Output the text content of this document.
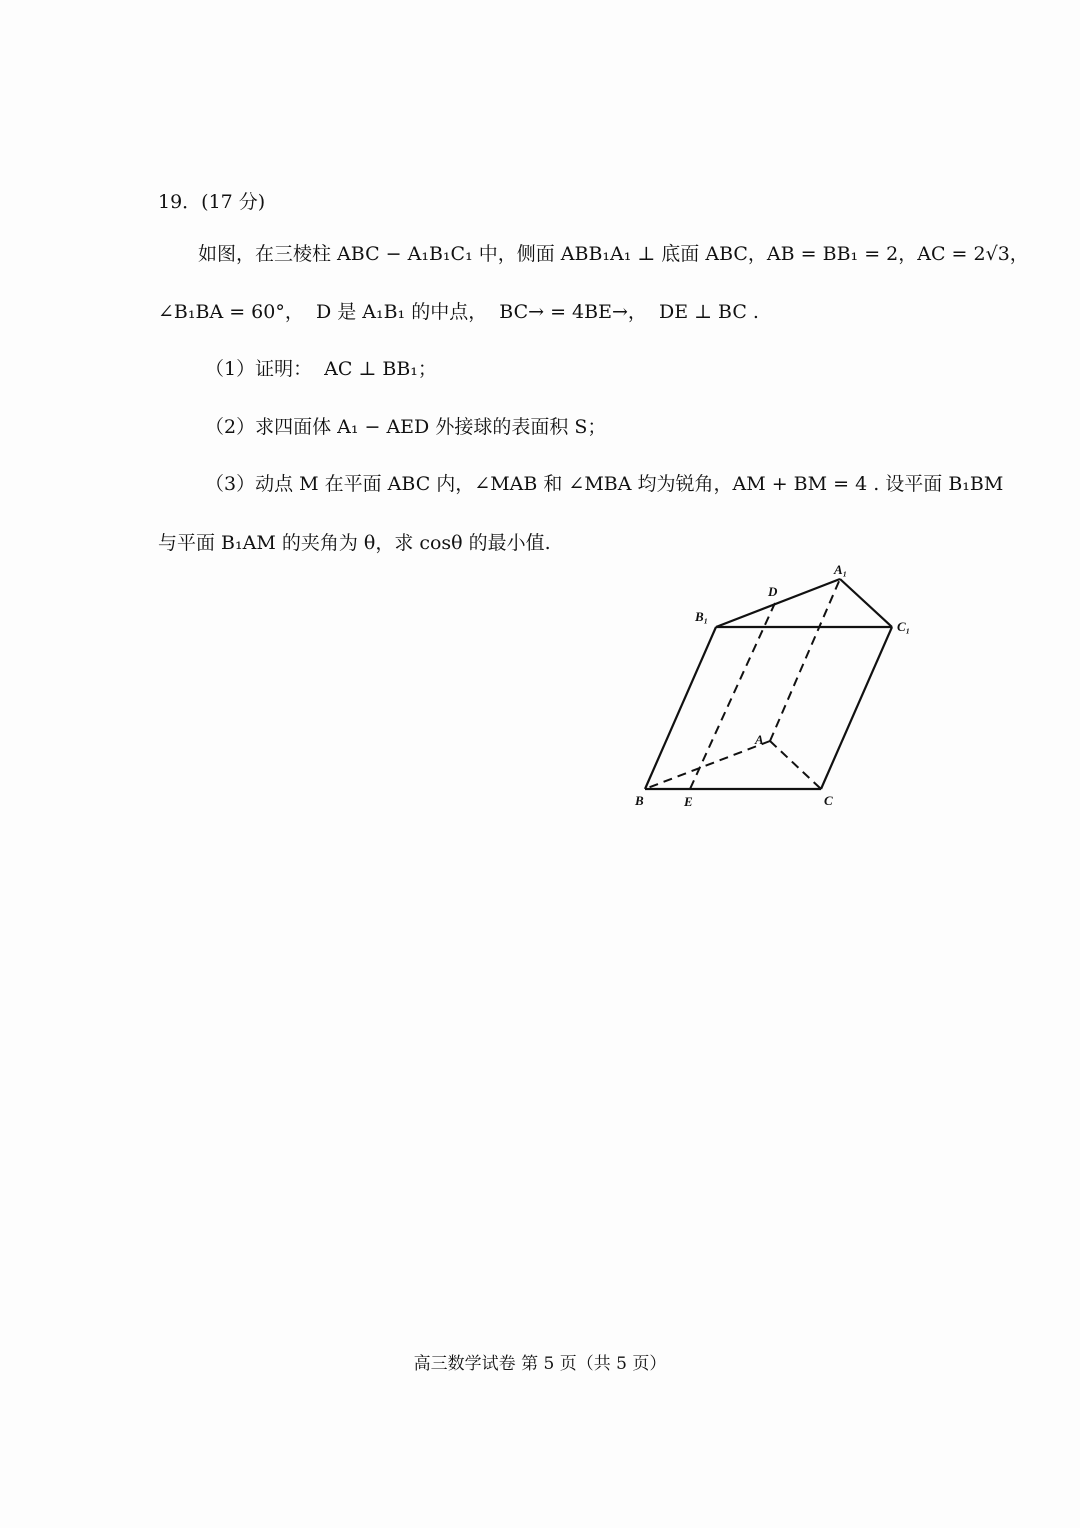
19．(17 分)
如图，在三棱柱 ABC − A₁B₁C₁ 中，侧面 ABB₁A₁ ⊥ 底面 ABC，AB = BB₁ = 2，AC = 2√3，
∠B₁BA = 60°，  D 是 A₁B₁ 的中点，  BC→ = 4BE→，  DE ⊥ BC .
（1）证明：  AC ⊥ BB₁；
（2）求四面体 A₁ − AED 外接球的表面积 S；
（3）动点 M 在平面 ABC 内，∠MAB 和 ∠MBA 均为锐角，AM + BM = 4 . 设平面 B₁BM
与平面 B₁AM 的夹角为 θ，求 cosθ 的最小值.
A₁
B₁
C₁
D
A
B	E	C
高三数学试卷 第 5 页（共 5 页）
